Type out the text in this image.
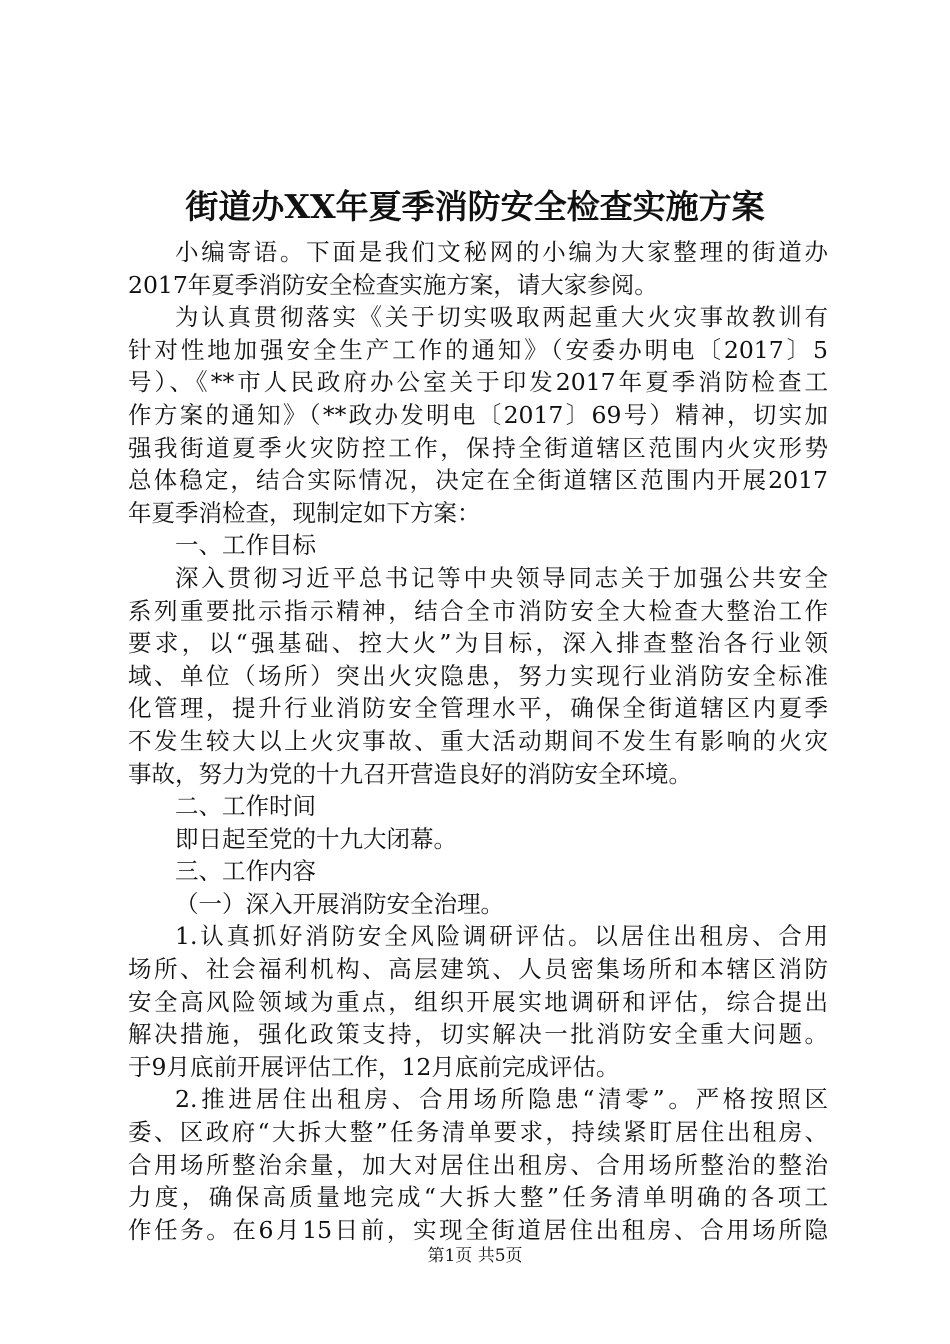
街道办XX年夏季消防安全检查实施方案
小编寄语。下面是我们文秘网的小编为大家整理的街道办
2017年夏季消防安全检查实施方案，请大家参阅。
为认真贯彻落实《关于切实吸取两起重大火灾事故教训有
针对性地加强安全生产工作的通知》（安委办明电〔2017〕5
号）、《**市人民政府办公室关于印发2017年夏季消防检查工
作方案的通知》（**政办发明电〔2017〕69号）精神，切实加
强我街道夏季火灾防控工作，保持全街道辖区范围内火灾形势
总体稳定，结合实际情况，决定在全街道辖区范围内开展2017
年夏季消检查，现制定如下方案：
一、工作目标
深入贯彻习近平总书记等中央领导同志关于加强公共安全
系列重要批示指示精神，结合全市消防安全大检查大整治工作
要求，以“强基础、控大火”为目标，深入排查整治各行业领
域、单位（场所）突出火灾隐患，努力实现行业消防安全标准
化管理，提升行业消防安全管理水平，确保全街道辖区内夏季
不发生较大以上火灾事故、重大活动期间不发生有影响的火灾
事故，努力为党的十九召开营造良好的消防安全环境。
二、工作时间
即日起至党的十九大闭幕。
三、工作内容
（一）深入开展消防安全治理。
1.认真抓好消防安全风险调研评估。以居住出租房、合用
场所、社会福利机构、高层建筑、人员密集场所和本辖区消防
安全高风险领域为重点，组织开展实地调研和评估，综合提出
解决措施，强化政策支持，切实解决一批消防安全重大问题。
于9月底前开展评估工作，12月底前完成评估。
2.推进居住出租房、合用场所隐患“清零”。严格按照区
委、区政府“大拆大整”任务清单要求，持续紧盯居住出租房、
合用场所整治余量，加大对居住出租房、合用场所整治的整治
力度，确保高质量地完成“大拆大整”任务清单明确的各项工
作任务。在6月15日前，实现全街道居住出租房、合用场所隐
第1页 共5页
